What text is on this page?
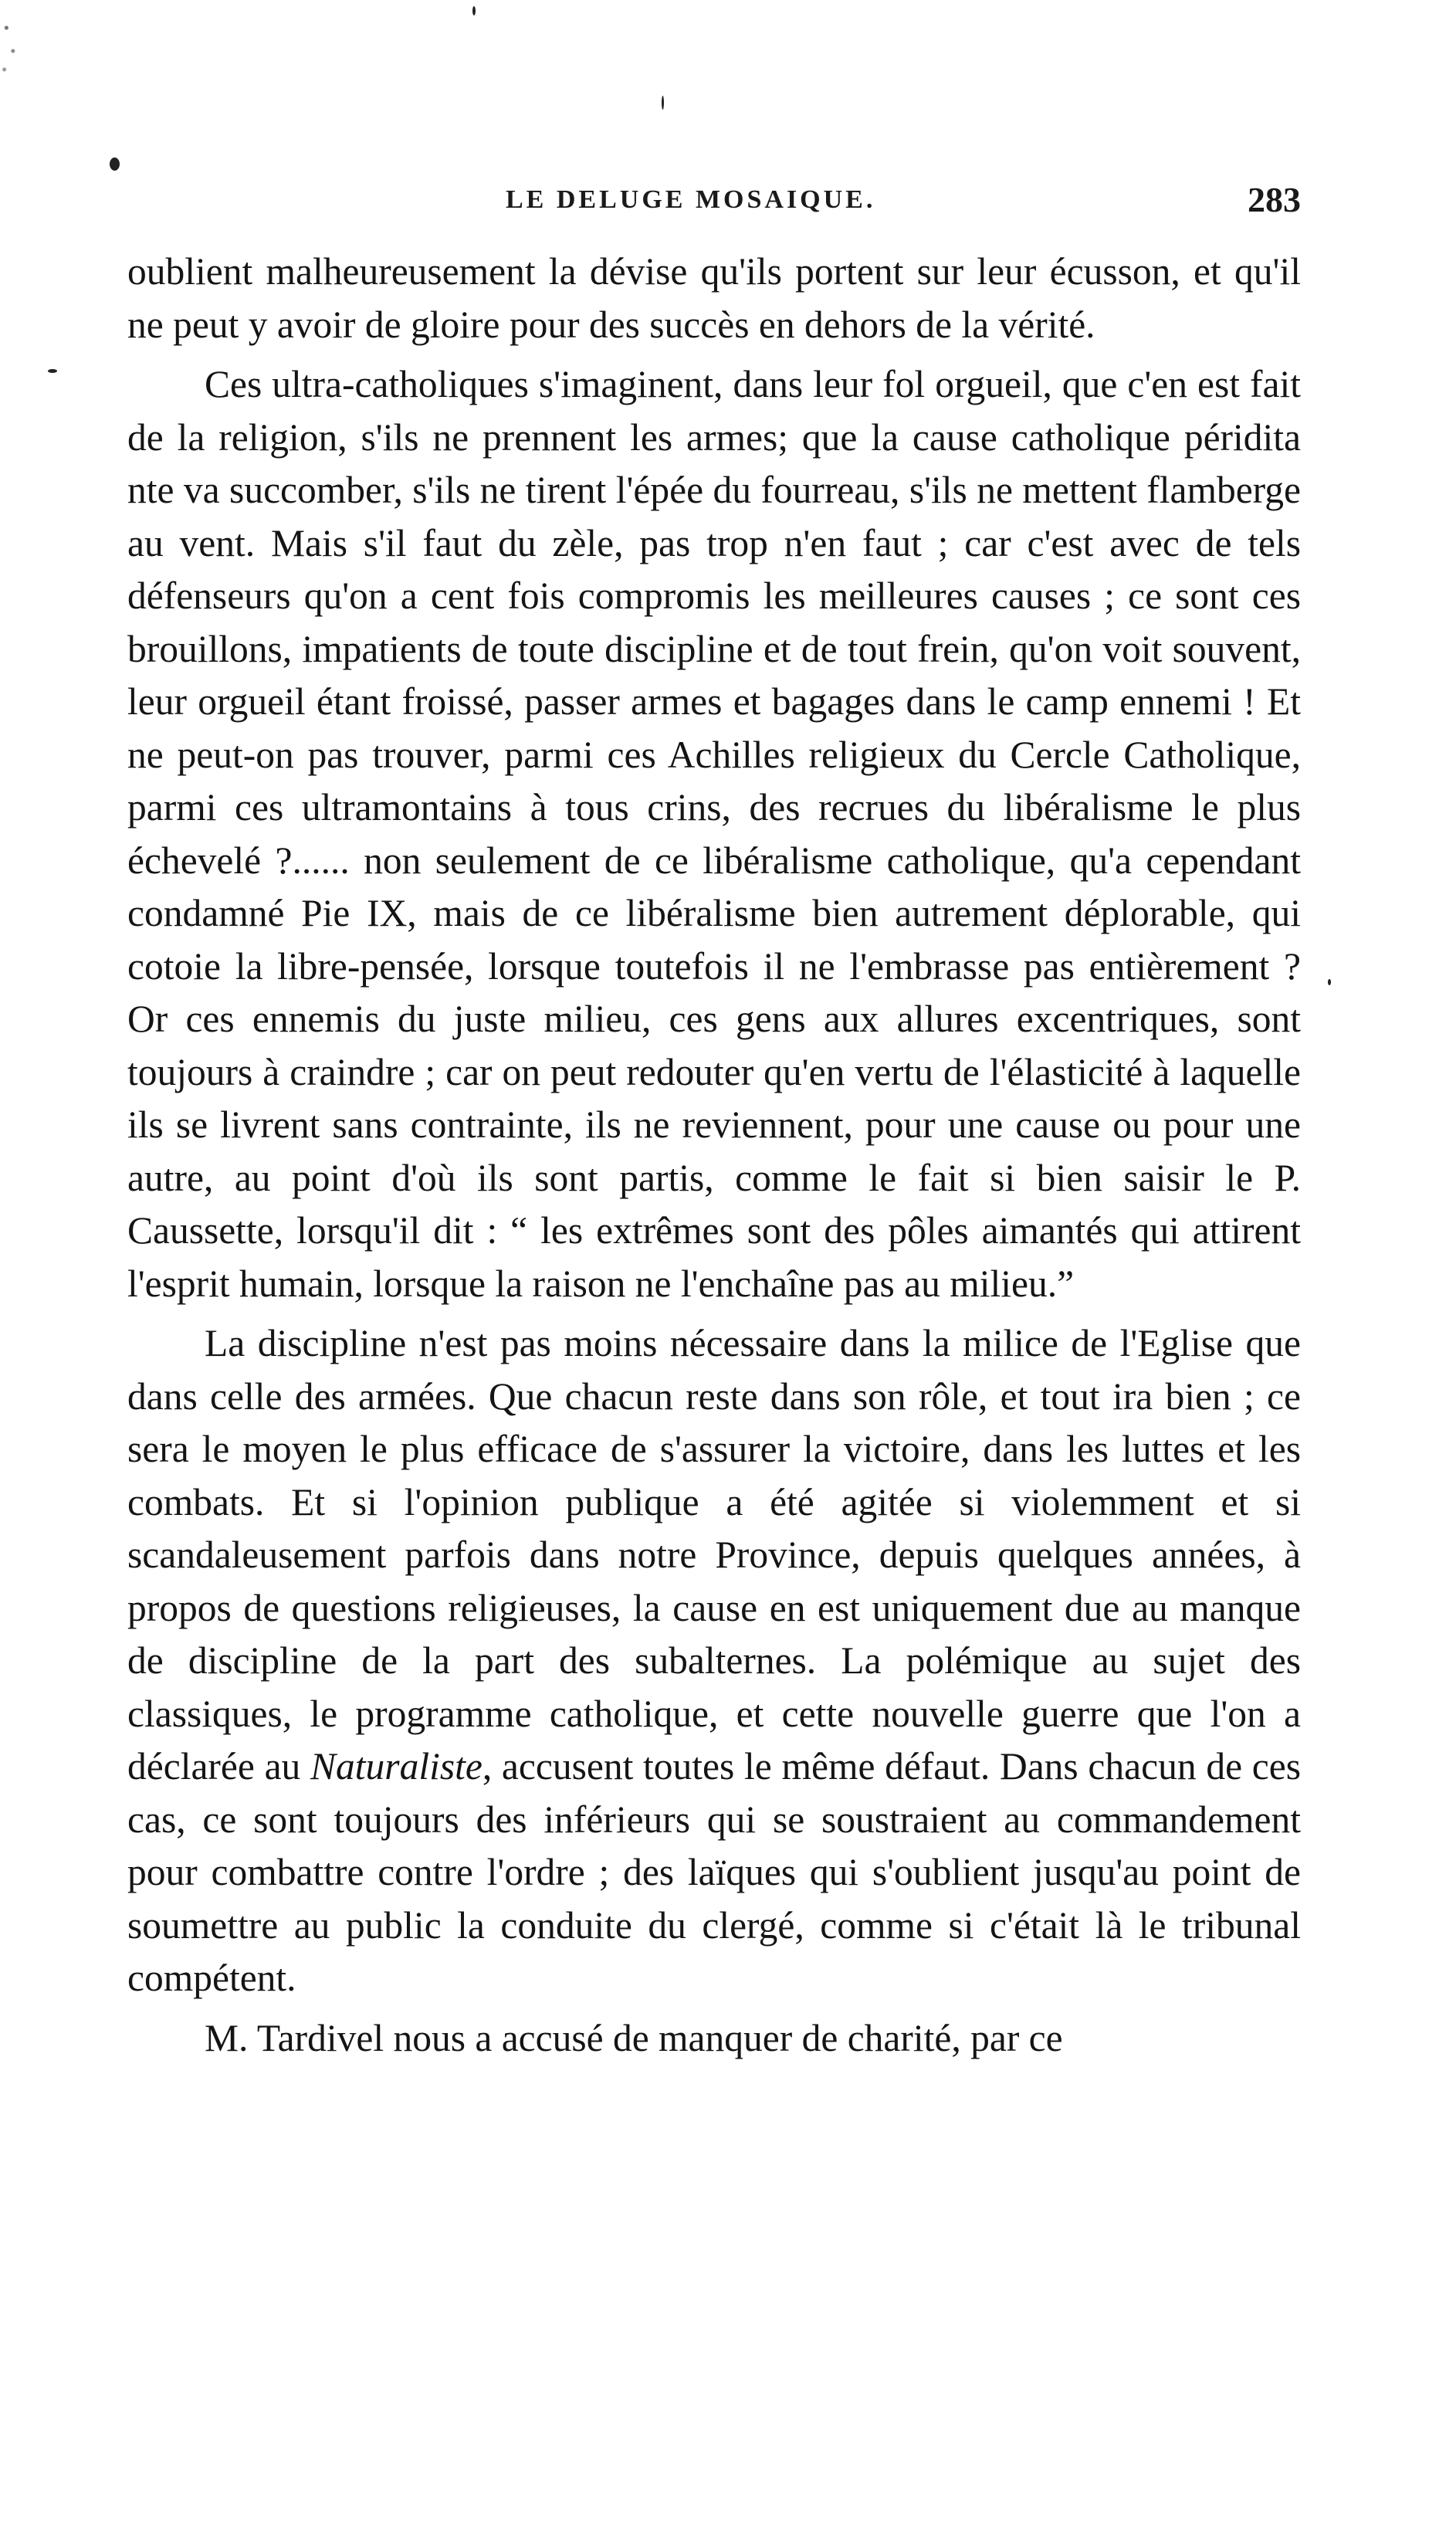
LE DELUGE MOSAIQUE.	283

oublient malheureusement la dévise qu'ils portent sur leur écusson, et qu'il ne peut y avoir de gloire pour des succès en dehors de la vérité.

Ces ultra-catholiques s'imaginent, dans leur fol orgueil, que c'en est fait de la religion, s'ils ne prennent les armes; que la cause catholique péridita nte va succomber, s'ils ne tirent l'épée du fourreau, s'ils ne mettent flamberge au vent. Mais s'il faut du zèle, pas trop n'en faut ; car c'est avec de tels défenseurs qu'on a cent fois compromis les meilleures causes ; ce sont ces brouillons, impatients de toute discipline et de tout frein, qu'on voit souvent, leur orgueil étant froissé, passer armes et bagages dans le camp ennemi ! Et ne peut-on pas trouver, parmi ces Achilles religieux du Cercle Catholique, parmi ces ultramontains à tous crins, des recrues du libéralisme le plus échevelé ?...... non seulement de ce libéralisme catholique, qu'a cependant condamné Pie IX, mais de ce libéralisme bien autrement déplorable, qui cotoie la libre-pensée, lorsque toutefois il ne l'embrasse pas entièrement ? Or ces ennemis du juste milieu, ces gens aux allures excentriques, sont toujours à craindre ; car on peut redouter qu'en vertu de l'élasticité à laquelle ils se livrent sans contrainte, ils ne reviennent, pour une cause ou pour une autre, au point d'où ils sont partis, comme le fait si bien saisir le P. Caussette, lorsqu'il dit : “ les extrêmes sont des pôles aimantés qui attirent l'esprit humain, lorsque la raison ne l'enchaîne pas au milieu.”

La discipline n'est pas moins nécessaire dans la milice de l'Eglise que dans celle des armées. Que chacun reste dans son rôle, et tout ira bien ; ce sera le moyen le plus efficace de s'assurer la victoire, dans les luttes et les combats. Et si l'opinion publique a été agitée si violemment et si scandaleusement parfois dans notre Province, depuis quelques années, à propos de questions religieuses, la cause en est uniquement due au manque de discipline de la part des subalternes. La polémique au sujet des classiques, le programme catholique, et cette nouvelle guerre que l'on a déclarée au Naturaliste, accusent toutes le même défaut. Dans chacun de ces cas, ce sont toujours des inférieurs qui se soustraient au commandement pour combattre contre l'ordre ; des laïques qui s'oublient jusqu'au point de soumettre au public la conduite du clergé, comme si c'était là le tribunal compétent.

M. Tardivel nous a accusé de manquer de charité, par ce
